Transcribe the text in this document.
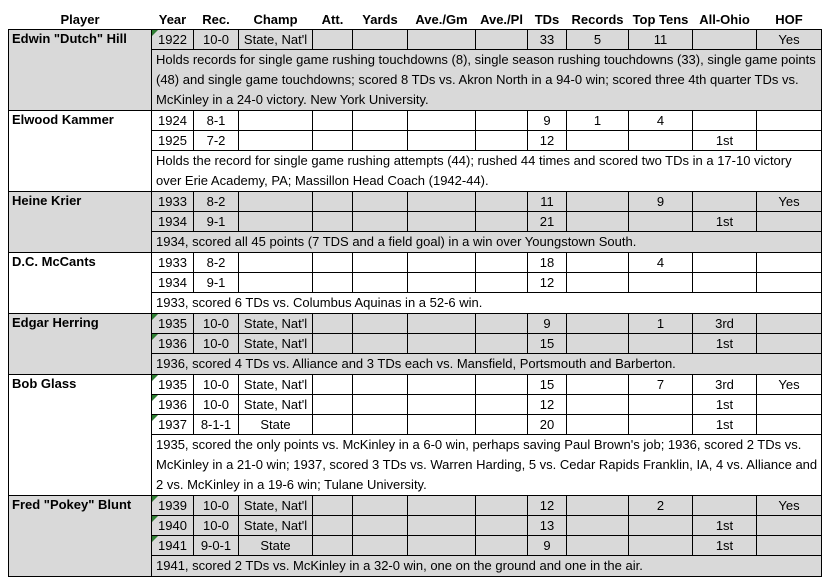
Player	Year	Rec.	Champ	Att.	Yards	Ave./Gm	Ave./Pl	TDs	Records	Top Tens	All-Ohio	HOF
Edwin "Dutch" Hill	1922	10-0	State, Nat'l					33	5	11		Yes
	Holds records for single game rushing touchdowns (8), single season rushing touchdowns (33), single game points (48) and single game touchdowns; scored 8 TDs vs. Akron North in a 94-0 win; scored three 4th quarter TDs vs. McKinley in a 24-0 victory. New York University.											
Elwood Kammer	1924	8-1						9	1	4		
	1925	7-2						12			1st	
	Holds the record for single game rushing attempts (44); rushed 44 times and scored two TDs in a 17-10 victory over Erie Academy, PA; Massillon Head Coach (1942-44).											
Heine Krier	1933	8-2						11		9		Yes
	1934	9-1						21			1st	
	1934, scored all 45 points (7 TDS and a field goal) in a win over Youngstown South.											
D.C. McCants	1933	8-2						18		4		
	1934	9-1						12				
	1933, scored 6 TDs vs. Columbus Aquinas in a 52-6 win.											
Edgar Herring	1935	10-0	State, Nat'l					9		1	3rd	
	1936	10-0	State, Nat'l					15			1st	
	1936, scored 4 TDs vs. Alliance and 3 TDs each vs. Mansfield, Portsmouth and Barberton.											
Bob Glass	1935	10-0	State, Nat'l					15		7	3rd	Yes
	1936	10-0	State, Nat'l					12			1st	
	1937	8-1-1	State					20			1st	
	1935, scored the only points vs. McKinley in a 6-0 win, perhaps saving Paul Brown's job; 1936, scored 2 TDs vs. McKinley in a 21-0 win; 1937, scored 3 TDs vs. Warren Harding, 5 vs. Cedar Rapids Franklin, IA, 4 vs. Alliance and 2 vs. McKinley in a 19-6 win; Tulane University.											
Fred "Pokey" Blunt	1939	10-0	State, Nat'l					12		2		Yes
	1940	10-0	State, Nat'l					13			1st	
	1941	9-0-1	State					9			1st	
	1941, scored 2 TDs vs. McKinley in a 32-0 win, one on the ground and one in the air.											
